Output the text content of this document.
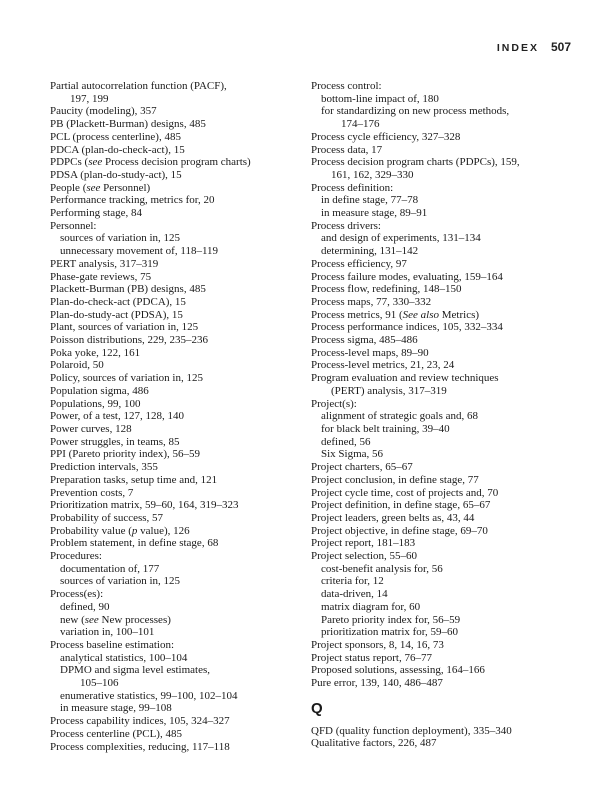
INDEX 507

Partial autocorrelation function (PACF),

197, 199

Paucity (modeling), 357

PB (Plackett-Burman) designs, 485

PCL (process centerline), 485

PDCA (plan-do-check-act), 15

PDPCs (see Process decision program charts)

PDSA (plan-do-study-act), 15

People (see Personnel)

Performance tracking, metrics for, 20

Performing stage, 84

Personnel:

sources of variation in, 125

unnecessary movement of, 118–119

PERT analysis, 317–319

Phase-gate reviews, 75

Plackett-Burman (PB) designs, 485

Plan-do-check-act (PDCA), 15

Plan-do-study-act (PDSA), 15

Plant, sources of variation in, 125

Poisson distributions, 229, 235–236

Poka yoke, 122, 161

Polaroid, 50

Policy, sources of variation in, 125

Population sigma, 486

Populations, 99, 100

Power, of a test, 127, 128, 140

Power curves, 128

Power struggles, in teams, 85

PPI (Pareto priority index), 56–59

Prediction intervals, 355

Preparation tasks, setup time and, 121

Prevention costs, 7

Prioritization matrix, 59–60, 164, 319–323

Probability of success, 57

Probability value (p value), 126

Problem statement, in define stage, 68

Procedures:

documentation of, 177

sources of variation in, 125

Process(es):

defined, 90

new (see New processes)

variation in, 100–101

Process baseline estimation:

analytical statistics, 100–104

DPMO and sigma level estimates,

105–106

enumerative statistics, 99–100, 102–104

in measure stage, 99–108

Process capability indices, 105, 324–327

Process centerline (PCL), 485

Process complexities, reducing, 117–118

Process control:

bottom-line impact of, 180

for standardizing on new process methods,

174–176

Process cycle efficiency, 327–328

Process data, 17

Process decision program charts (PDPCs), 159,

161, 162, 329–330

Process definition:

in define stage, 77–78

in measure stage, 89–91

Process drivers:

and design of experiments, 131–134

determining, 131–142

Process efficiency, 97

Process failure modes, evaluating, 159–164

Process flow, redefining, 148–150

Process maps, 77, 330–332

Process metrics, 91 (See also Metrics)

Process performance indices, 105, 332–334

Process sigma, 485–486

Process-level maps, 89–90

Process-level metrics, 21, 23, 24

Program evaluation and review techniques

(PERT) analysis, 317–319

Project(s):

alignment of strategic goals and, 68

for black belt training, 39–40

defined, 56

Six Sigma, 56

Project charters, 65–67

Project conclusion, in define stage, 77

Project cycle time, cost of projects and, 70

Project definition, in define stage, 65–67

Project leaders, green belts as, 43, 44

Project objective, in define stage, 69–70

Project report, 181–183

Project selection, 55–60

cost-benefit analysis for, 56

criteria for, 12

data-driven, 14

matrix diagram for, 60

Pareto priority index for, 56–59

prioritization matrix for, 59–60

Project sponsors, 8, 14, 16, 73

Project status report, 76–77

Proposed solutions, assessing, 164–166

Pure error, 139, 140, 486–487

Q

QFD (quality function deployment), 335–340

Qualitative factors, 226, 487
